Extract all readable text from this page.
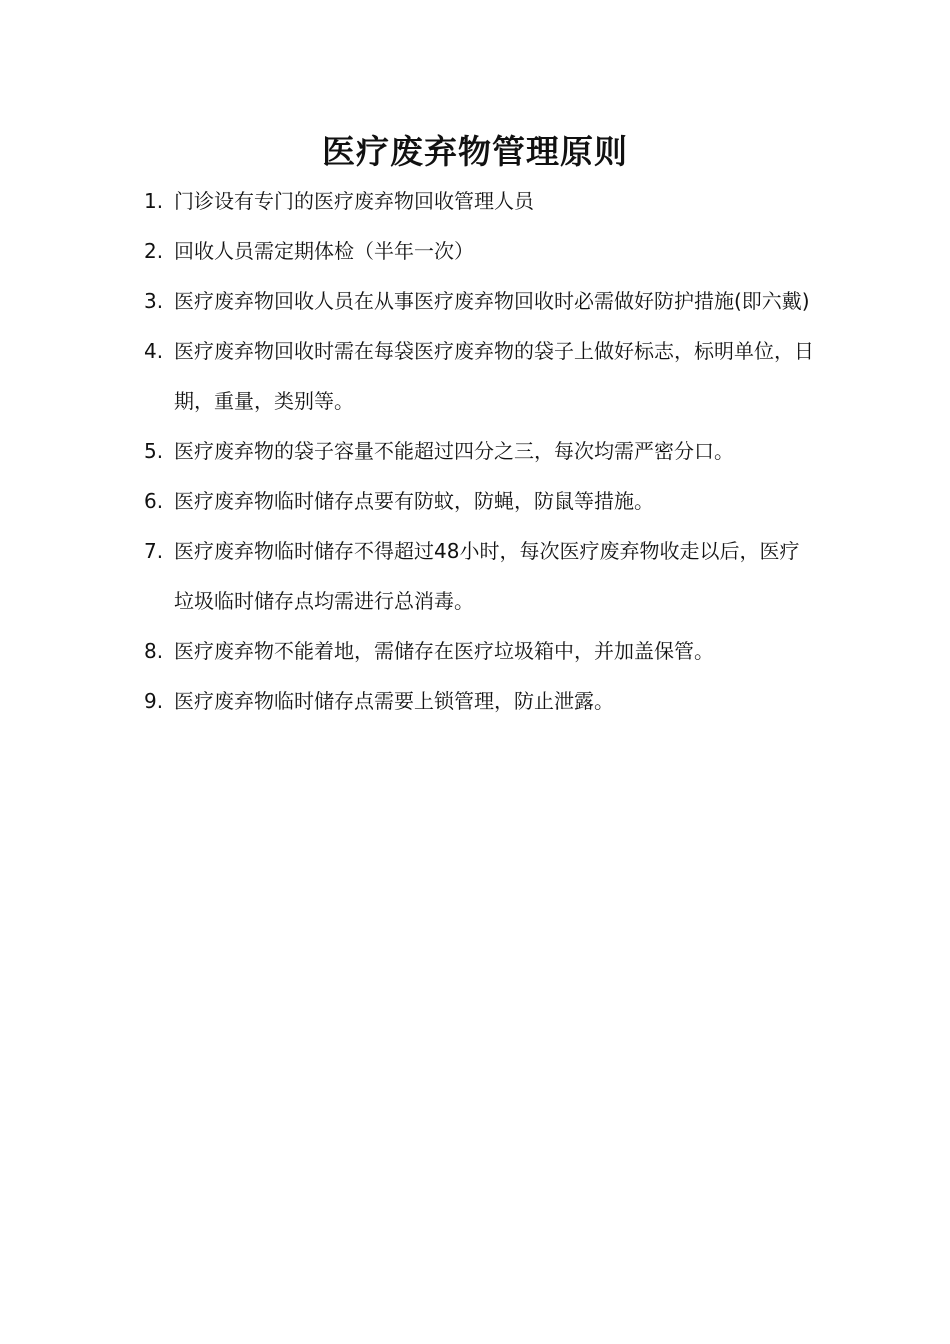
医疗废弃物管理原则
1. 门诊设有专门的医疗废弃物回收管理人员
2. 回收人员需定期体检（半年一次）
3. 医疗废弃物回收人员在从事医疗废弃物回收时必需做好防护措施(即六戴)
4. 医疗废弃物回收时需在每袋医疗废弃物的袋子上做好标志，标明单位，日期，重量，类别等。
5. 医疗废弃物的袋子容量不能超过四分之三，每次均需严密分口。
6. 医疗废弃物临时储存点要有防蚊，防蝇，防鼠等措施。
7. 医疗废弃物临时储存不得超过48小时，每次医疗废弃物收走以后，医疗垃圾临时储存点均需进行总消毒。
8. 医疗废弃物不能着地，需储存在医疗垃圾箱中，并加盖保管。
9. 医疗废弃物临时储存点需要上锁管理，防止泄露。
